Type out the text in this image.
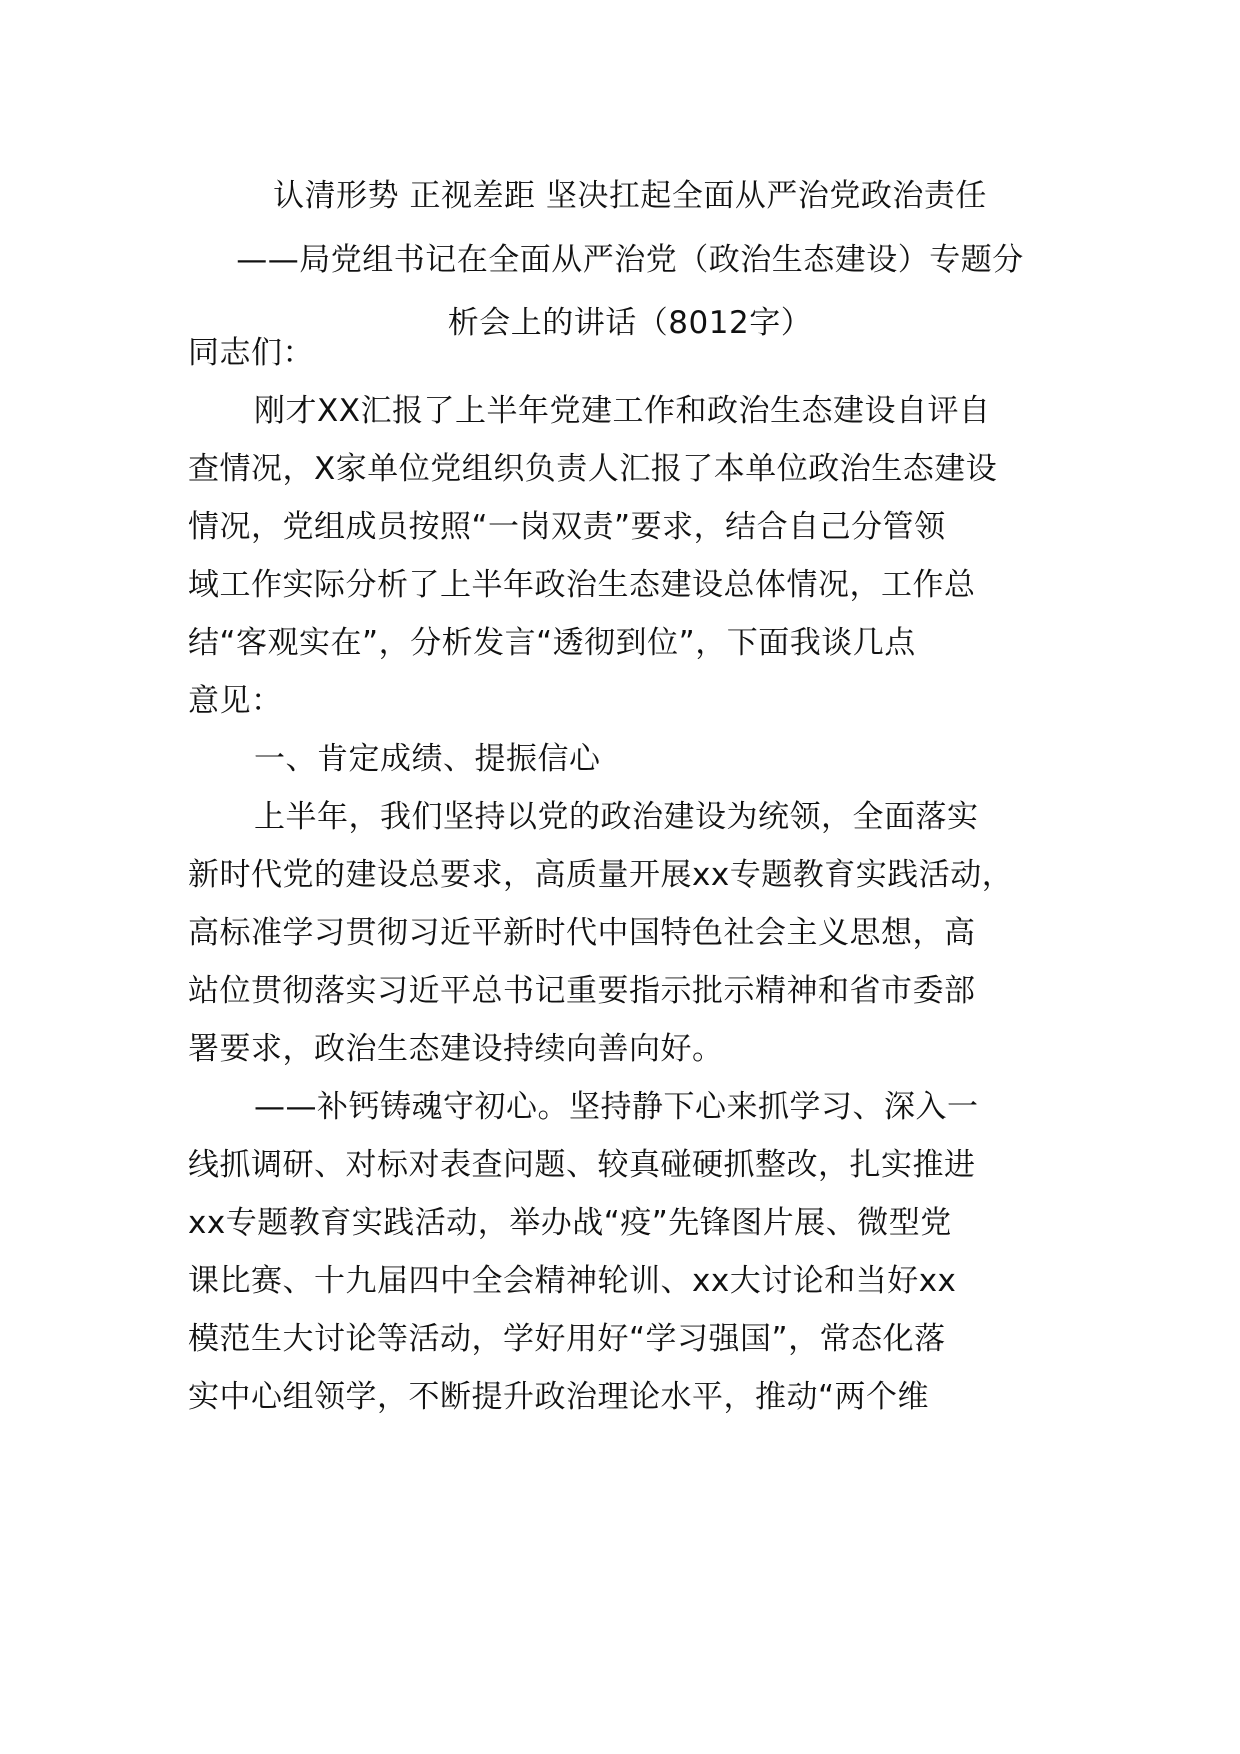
认清形势 正视差距 坚决扛起全面从严治党政治责任
——局党组书记在全面从严治党（政治生态建设）专题分
析会上的讲话（8012字）
同志们：
刚才XX汇报了上半年党建工作和政治生态建设自评自
查情况，X家单位党组织负责人汇报了本单位政治生态建设
情况，党组成员按照“一岗双责”要求，结合自己分管领
域工作实际分析了上半年政治生态建设总体情况，工作总
结“客观实在”，分析发言“透彻到位”，下面我谈几点
意见：
一、肯定成绩、提振信心
上半年，我们坚持以党的政治建设为统领，全面落实
新时代党的建设总要求，高质量开展xx专题教育实践活动，
高标准学习贯彻习近平新时代中国特色社会主义思想，高
站位贯彻落实习近平总书记重要指示批示精神和省市委部
署要求，政治生态建设持续向善向好。
——补钙铸魂守初心。坚持静下心来抓学习、深入一
线抓调研、对标对表查问题、较真碰硬抓整改，扎实推进
xx专题教育实践活动，举办战“疫”先锋图片展、微型党
课比赛、十九届四中全会精神轮训、xx大讨论和当好xx
模范生大讨论等活动，学好用好“学习强国”，常态化落
实中心组领学，不断提升政治理论水平，推动“两个维
